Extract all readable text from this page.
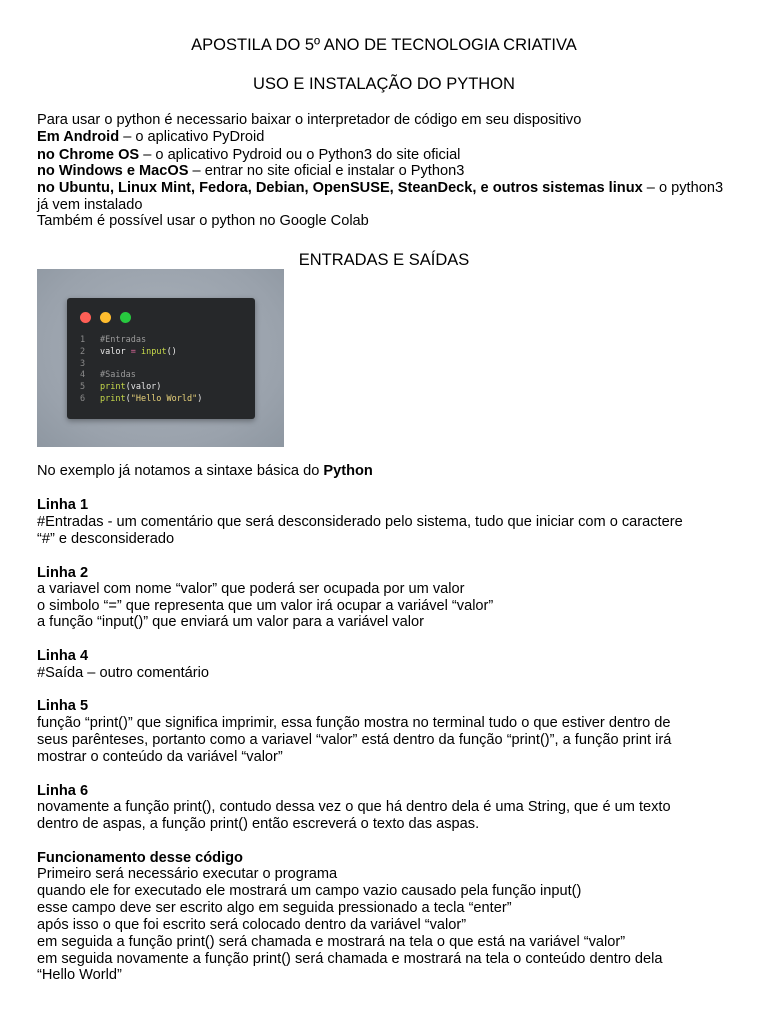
APOSTILA DO 5º ANO DE TECNOLOGIA CRIATIVA
USO E INSTALAÇÃO DO PYTHON
Para usar o python é necessario baixar o interpretador de código em seu dispositivo
Em Android – o aplicativo PyDroid
no Chrome OS – o aplicativo Pydroid ou o Python3 do site oficial
no Windows e MacOS – entrar no site oficial e instalar o Python3
no Ubuntu, Linux Mint, Fedora, Debian, OpenSUSE, SteanDeck, e outros sistemas linux – o python3
já vem instalado
Também é possível usar o python no Google Colab
ENTRADAS E SAÍDAS
1 #Entradas
2 valor = input()
3
4 #Saidas
5 print(valor)
6 print("Hello World")
No exemplo já notamos a sintaxe básica do Python
Linha 1
#Entradas - um comentário que será desconsiderado pelo sistema, tudo que iniciar com o caractere
“#” e desconsiderado
Linha 2
a variavel com nome “valor” que poderá ser ocupada por um valor
o simbolo “=” que representa que um valor irá ocupar a variável “valor”
a função “input()” que enviará um valor para a variável valor
Linha 4
#Saída – outro comentário
Linha 5
função “print()” que significa imprimir, essa função mostra no terminal tudo o que estiver dentro de
seus parênteses, portanto como a variavel “valor” está dentro da função “print()”, a função print irá
mostrar o conteúdo da variável “valor”
Linha 6
novamente a função print(), contudo dessa vez o que há dentro dela é uma String, que é um texto
dentro de aspas, a função print() então escreverá o texto das aspas.
Funcionamento desse código
Primeiro será necessário executar o programa
quando ele for executado ele mostrará um campo vazio causado pela função input()
esse campo deve ser escrito algo em seguida pressionado a tecla “enter”
após isso o que foi escrito será colocado dentro da variável “valor”
em seguida a função print() será chamada e mostrará na tela o que está na variável “valor”
em seguida novamente a função print() será chamada e mostrará na tela o conteúdo dentro dela
“Hello World”
